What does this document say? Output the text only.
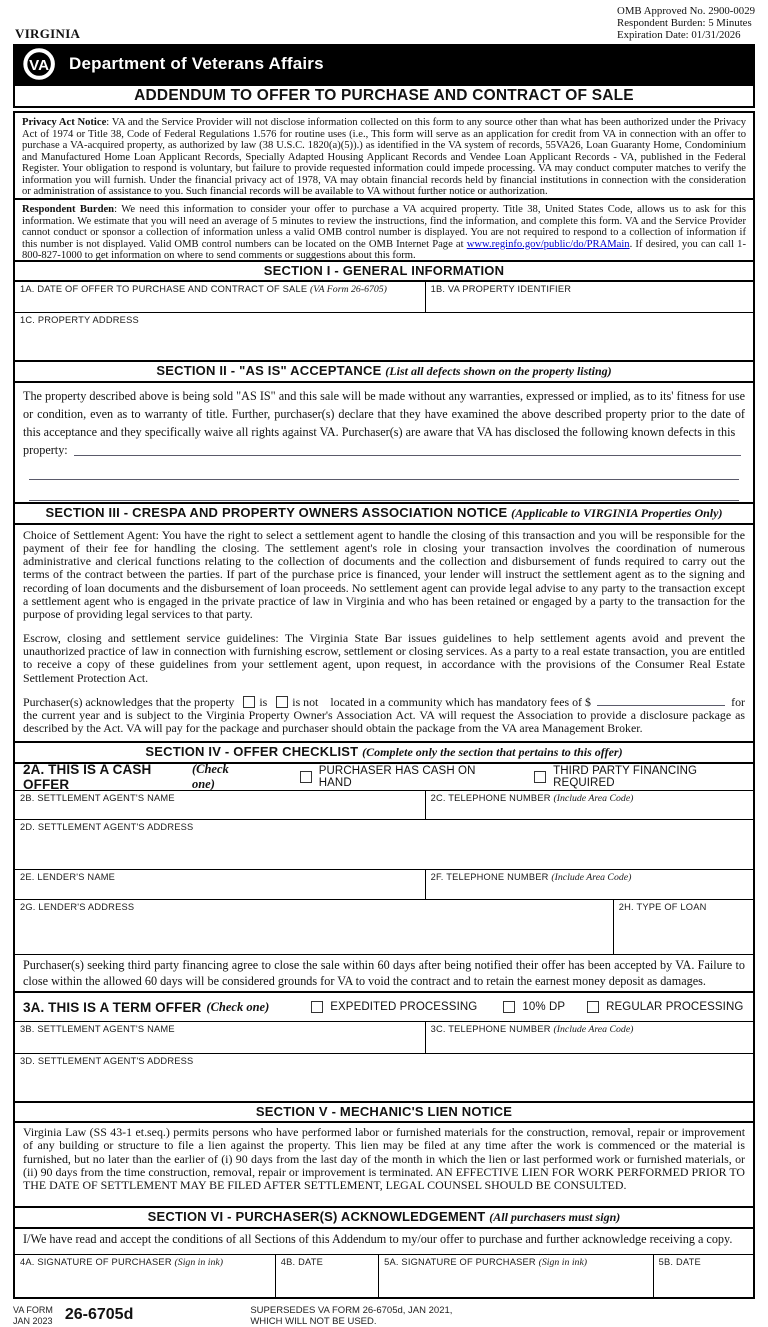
VIRGINIA
OMB Approved No. 2900-0029
Respondent Burden: 5 Minutes
Expiration Date: 01/31/2026
VA Department of Veterans Affairs
ADDENDUM TO OFFER TO PURCHASE AND CONTRACT OF SALE
Privacy Act Notice: VA and the Service Provider will not disclose information collected on this form to any source other than what has been authorized under the Privacy Act of 1974 or Title 38, Code of Federal Regulations 1.576 for routine uses (i.e., This form will serve as an application for credit from VA in connection with an offer to purchase a VA-acquired property, as authorized by law (38 U.S.C. 1820(a)(5)).) as identified in the VA system of records, 55VA26, Loan Guaranty Home, Condominium and Manufactured Home Loan Applicant Records, Specially Adapted Housing Applicant Records and Vendee Loan Applicant Records - VA, published in the Federal Register. Your obligation to respond is voluntary, but failure to provide requested information could impede processing. VA may conduct computer matches to verify the information you will furnish. Under the financial privacy act of 1978, VA may obtain financial records held by financial institutions in connection with the consideration or administration of assistance to you. Such financial records will be available to VA without further notice or authorization.
Respondent Burden: We need this information to consider your offer to purchase a VA acquired property. Title 38, United States Code, allows us to ask for this information. We estimate that you will need an average of 5 minutes to review the instructions, find the information, and complete this form. VA and the Service Provider cannot conduct or sponsor a collection of information unless a valid OMB control number is displayed. You are not required to respond to a collection of information if this number is not displayed. Valid OMB control numbers can be located on the OMB Internet Page at www.reginfo.gov/public/do/PRAMain. If desired, you can call 1-800-827-1000 to get information on where to send comments or suggestions about this form.
SECTION I - GENERAL INFORMATION
1A. DATE OF OFFER TO PURCHASE AND CONTRACT OF SALE (VA Form 26-6705)	1B. VA PROPERTY IDENTIFIER
1C. PROPERTY ADDRESS
SECTION II - "AS IS" ACCEPTANCE (List all defects shown on the property listing)
The property described above is being sold "AS IS" and this sale will be made without any warranties, expressed or implied, as to its' fitness for use or condition, even as to warranty of title. Further, purchaser(s) declare that they have examined the above described property prior to the date of this acceptance and they specifically waive all rights against VA. Purchaser(s) are aware that VA has disclosed the following known defects in this
property:
SECTION III - CRESPA AND PROPERTY OWNERS ASSOCIATION NOTICE (Applicable to VIRGINIA Properties Only)

Choice of Settlement Agent: You have the right to select a settlement agent to handle the closing of this transaction and you will be responsible for the payment of their fee for handling the closing. The settlement agent's role in closing your transaction involves the coordination of numerous administrative and clerical functions relating to the collection of documents and the collection and disbursement of funds required to carry out the terms of the contract between the parties. If part of the purchase price is financed, your lender will instruct the settlement agent as to the signing and recording of loan documents and the disbursement of loan proceeds. No settlement agent can provide legal advise to any party to the transaction except a settlement agent who is engaged in the private practice of law in Virginia and who has been retained or engaged by a party to the transaction for the purpose of providing legal services to that party.

Escrow, closing and settlement service guidelines: The Virginia State Bar issues guidelines to help settlement agents avoid and prevent the unauthorized practice of law in connection with furnishing escrow, settlement or closing services. As a party to a real estate transaction, you are entitled to receive a copy of these guidelines from your settlement agent, upon request, in accordance with the provisions of the Consumer Real Estate Settlement Protection Act.

Purchaser(s) acknowledges that the property is is not located in a community which has mandatory fees of $	for
the current year and is subject to the Virginia Property Owner's Association Act. VA will request the Association to provide a disclosure package as described by the Act. VA will pay for the package and purchaser should obtain the package from the VA area Management Broker.

SECTION IV - OFFER CHECKLIST (Complete only the section that pertains to this offer)
2A. THIS IS A CASH OFFER
(Check one)
PURCHASER HAS CASH ON HAND
THIRD PARTY FINANCING REQUIRED
2B. SETTLEMENT AGENT'S NAME	2C. TELEPHONE NUMBER (Include Area Code)
2D. SETTLEMENT AGENT'S ADDRESS
2E. LENDER'S NAME	2F. TELEPHONE NUMBER (Include Area Code)
2G. LENDER'S ADDRESS	2H. TYPE OF LOAN
Purchaser(s) seeking third party financing agree to close the sale within 60 days after being notified their offer has been accepted by VA. Failure to close within the allowed 60 days will be considered grounds for VA to void the contract and to retain the earnest money deposit as damages.
3A. THIS IS A TERM OFFER (Check one)	EXPEDITED PROCESSING	10% DP	REGULAR PROCESSING
3B. SETTLEMENT AGENT'S NAME	3C. TELEPHONE NUMBER (Include Area Code)
3D. SETTLEMENT AGENT'S ADDRESS
SECTION V - MECHANIC'S LIEN NOTICE
Virginia Law (SS 43-1 et.seq.) permits persons who have performed labor or furnished materials for the construction, removal, repair or improvement of any building or structure to file a lien against the property. This lien may be filed at any time after the work is commenced or the material is furnished, but no later than the earlier of (i) 90 days from the last day of the month in which the lien or last performed work or furnished materials, or (ii) 90 days from the time construction, removal, repair or improvement is terminated. AN EFFECTIVE LIEN FOR WORK PERFORMED PRIOR TO THE DATE OF SETTLEMENT MAY BE FILED AFTER SETTLEMENT, LEGAL COUNSEL SHOULD BE CONSULTED.
SECTION VI - PURCHASER(S) ACKNOWLEDGEMENT (All purchasers must sign)
I/We have read and accept the conditions of all Sections of this Addendum to my/our offer to purchase and further acknowledge receiving a copy.
4A. SIGNATURE OF PURCHASER (Sign in ink)	4B. DATE	5A. SIGNATURE OF PURCHASER (Sign in ink)	5B. DATE
VA FORM
JAN 2023 26-6705d	SUPERSEDES VA FORM 26-6705d, JAN 2021,
WHICH WILL NOT BE USED.
